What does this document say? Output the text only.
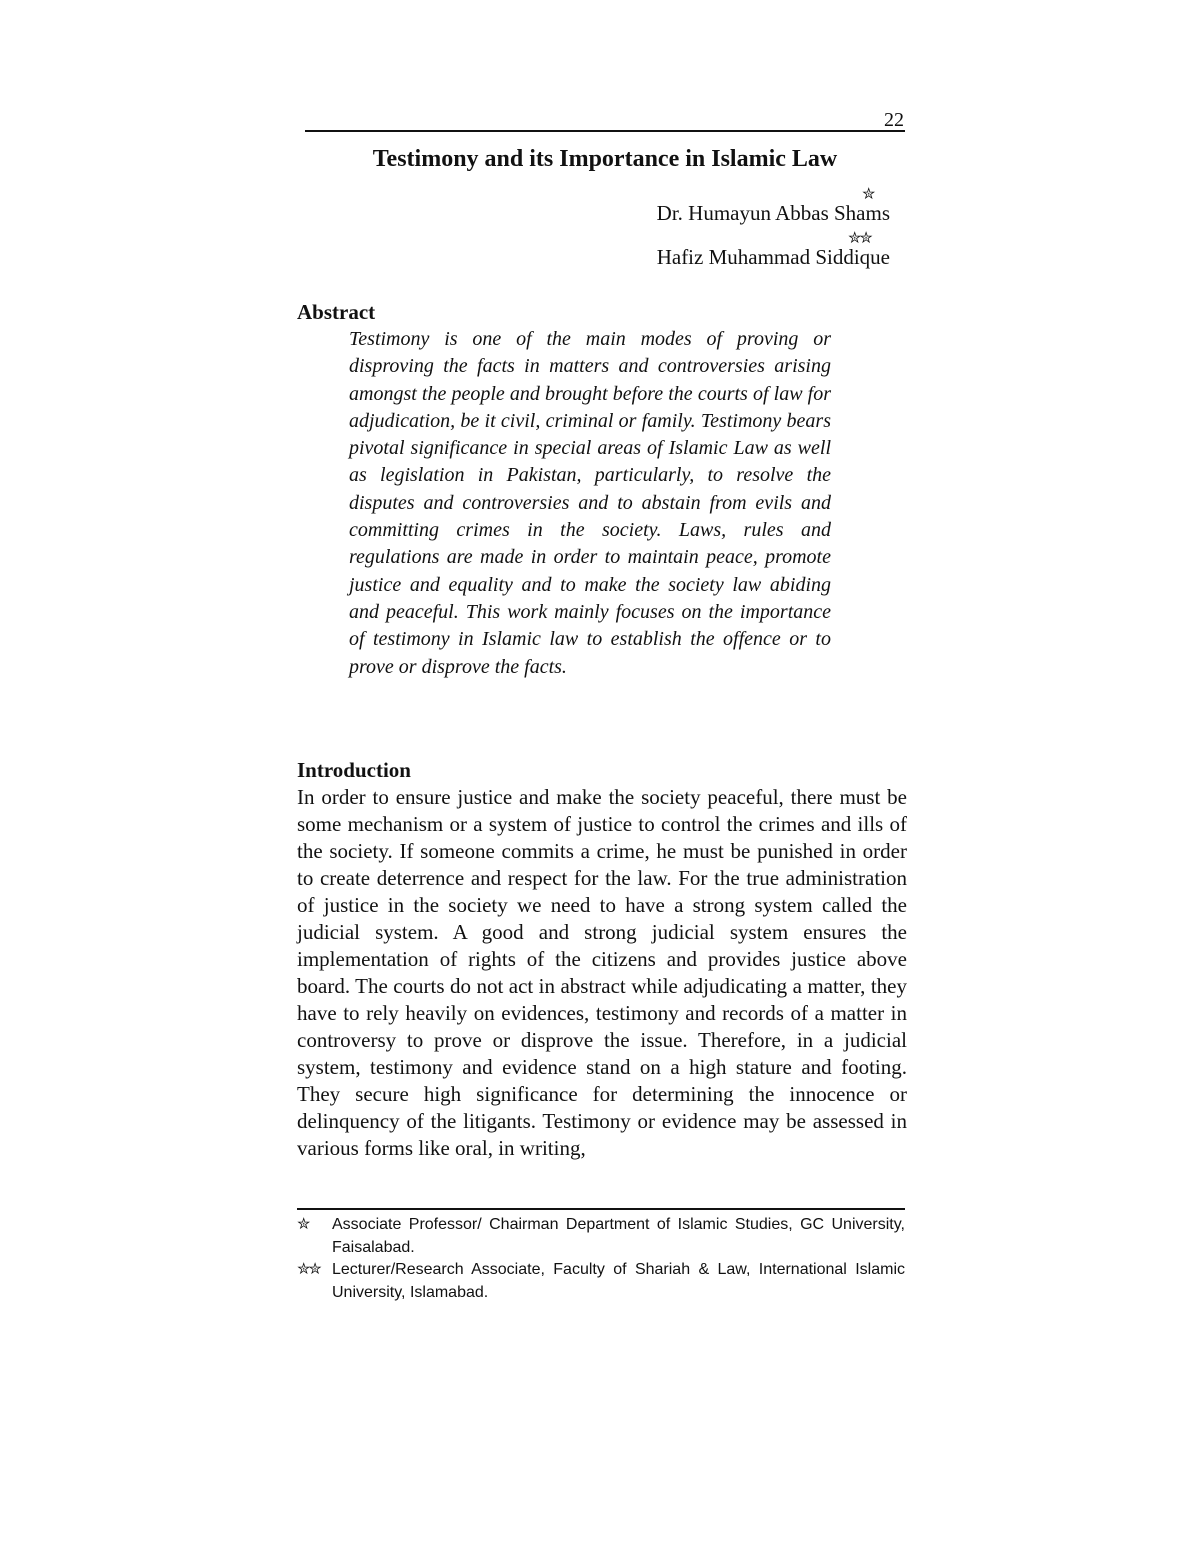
22
Testimony and its Importance in Islamic Law
✮
Dr. Humayun Abbas Shams
✮✮
Hafiz Muhammad Siddique
Abstract
Testimony is one of the main modes of proving or disproving the facts in matters and controversies arising amongst the people and brought before the courts of law for adjudication, be it civil, criminal or family. Testimony bears pivotal significance in special areas of Islamic Law as well as legislation in Pakistan, particularly, to resolve the disputes and controversies and to abstain from evils and committing crimes in the society. Laws, rules and regulations are made in order to maintain peace, promote justice and equality and to make the society law abiding and peaceful. This work mainly focuses on the importance of testimony in Islamic law to establish the offence or to prove or disprove the facts.
Introduction
In order to ensure justice and make the society peaceful, there must be some mechanism or a system of justice to control the crimes and ills of the society. If someone commits a crime, he must be punished in order to create deterrence and respect for the law. For the true administration of justice in the society we need to have a strong system called the judicial system. A good and strong judicial system ensures the implementation of rights of the citizens and provides justice above board. The courts do not act in abstract while adjudicating a matter, they have to rely heavily on evidences, testimony and records of a matter in controversy to prove or disprove the issue. Therefore, in a judicial system, testimony and evidence stand on a high stature and footing. They secure high significance for determining the innocence or delinquency of the litigants. Testimony or evidence may be assessed in various forms like oral, in writing,
✮	Associate Professor/ Chairman Department of Islamic Studies, GC University, Faisalabad.
✮✮ Lecturer/Research Associate, Faculty of Shariah & Law, International Islamic University, Islamabad.
